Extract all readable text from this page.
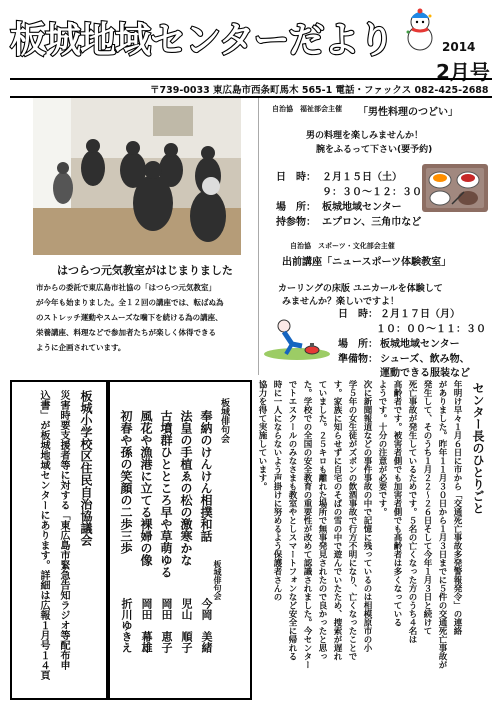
板城地域センターだより	2014
2月号
〒739-0033 東広島市西条町馬木 565-1 電話・ファックス 082-425-2688
はつらつ元気教室がはじまりました
市からの委託で東広島市社協の「はつらつ元気教室」
が今年も始まりました。全１２回の講座では、転ばぬ為
のストレッチ運動やスムーズな噛下を続ける為の講座、
栄養講座、料理などで参加者たちが楽しく体得できる
ように企画されています。
自治協　福祉部会主催 「男性料理のつどい」
男の料理を楽しみませんか！
腕をふるって下さい(要予約)
日　時： ２月１５日（土）
９：３０～１２：３０
場　所： 板城地域センター
持参物： エプロン、三角巾など
自治協　スポーツ・文化部会主催
出前講座「ニュースポーツ体験教室」
カーリングの床版 ユニカールを体験して
みませんか？楽しいですよ！
日　時： ２月１７日（月）
１０：００～１１：３０
場　所： 板城地域センター
準備物： シューズ、飲み物、
運動できる服装など
板城小学校区住民自治協議会
災害時要支援者等に対する「東広島市緊急告知ラジオ等配布申
込書」が板城地域センターにあります。詳細は広報１月号１４頁	板城俳句会
奉納のけんけん相撲和話
法皇の手植ゑの松の激寒かな
古墳群ひとところ早や草萌ゆる
風花や漁港に立てる裸婦の像
初春や孫の笑顔の二歩三歩
板城俳句会
今岡　美緒
児山　順子
岡田　恵子
岡田　幕雄
折川ゆきえ
センター長のひとりごと
年明け早々１月６日に市から「交通死亡事故多発警報発令」の連絡
がありました。昨年１１月３０日から１月３日までに５件の交通死亡事故が
発生して、そのうち１月２２～２６日そして今年１月３日と続けて
死亡事故が発生しているためです。５名の亡くなった方のうち４名は
高齢者です。被害者側でも加害者側でも高齢者は多くなっている
ようです。十分の注意が必要です。
次に新聞報道などの事件事故の中で記憶に残っているのは相模原市の小
学５年の女生徒がズボンの飲酒事故で行方不明になり、亡くなったことで
す。家族に知らせずに自宅のそばの雪の中で遊んでいたため、捜索が遅れ
ていました。２５キロも離れた場所で無事発見されたので良かったと思っ
た。学校での全国の安全教育の重要性が改めて認識されました。今センター
でトエスクールのみなさまも教室やとしスマートフォンなど安全に帰れる
時に一人にならないよう声掛けに努めるよう保護者さんの
協力を得て実施しています。
